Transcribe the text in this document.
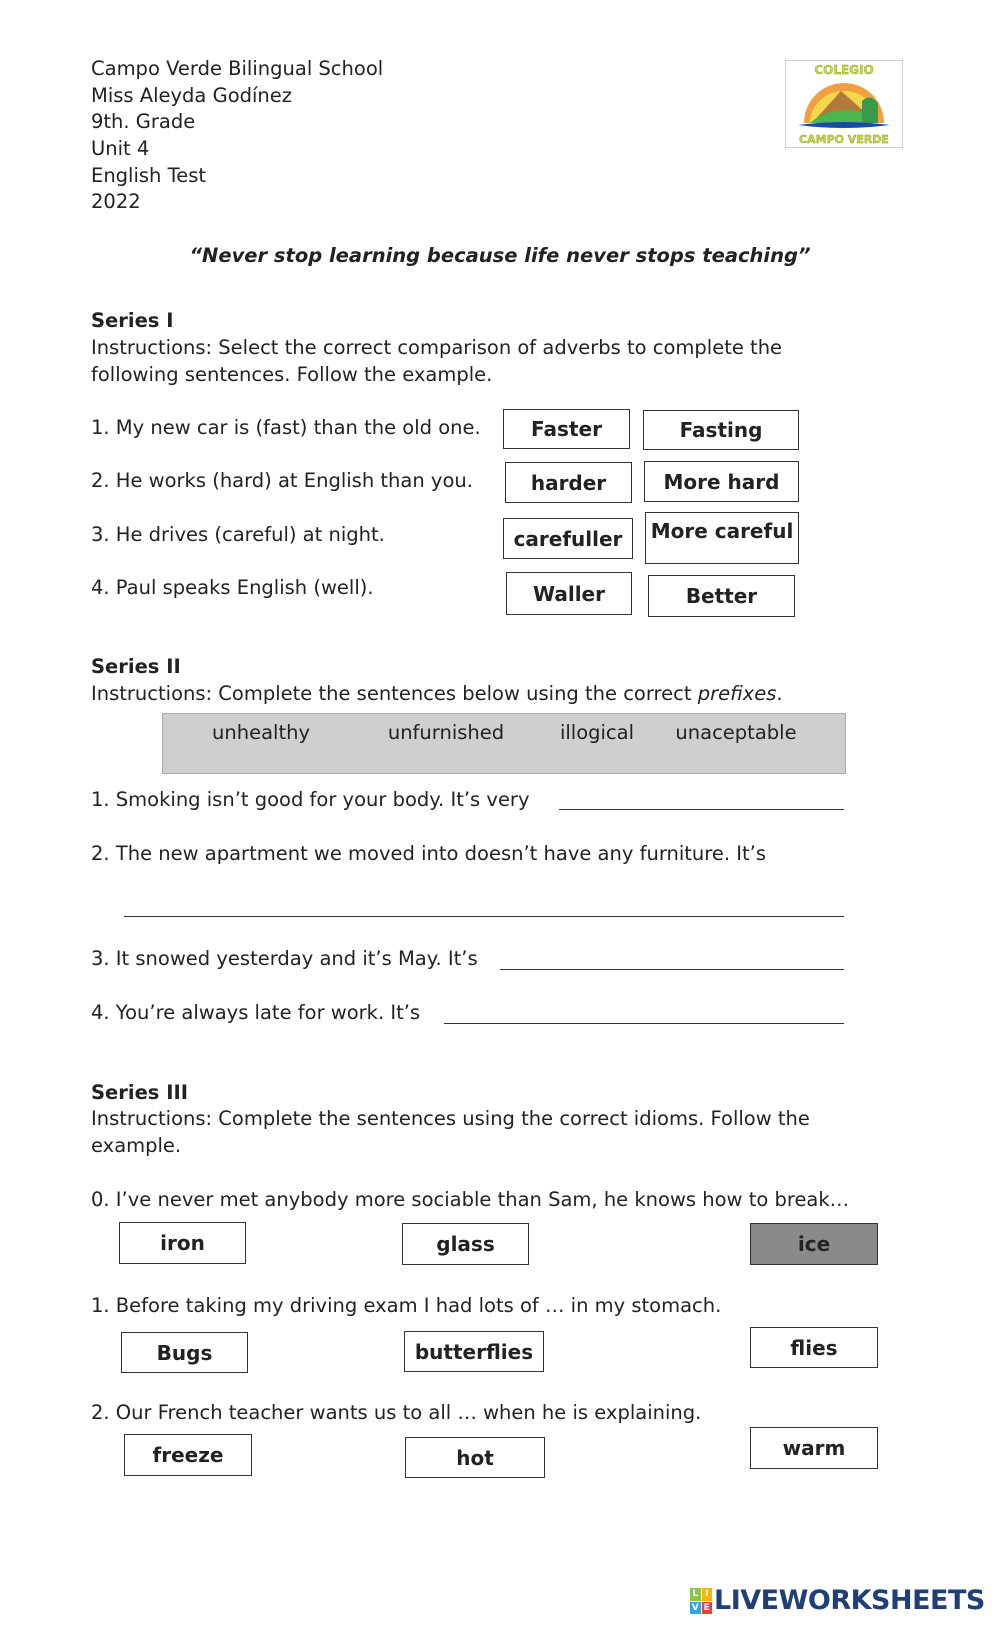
Campo Verde Bilingual School
Miss Aleyda Godínez
9th. Grade
Unit 4
English Test
2022
COLEGIO
CAMPO VERDE
“Never stop learning because life never stops teaching”
Series I
Instructions: Select the correct comparison of adverbs to complete the
following sentences. Follow the example.
1. My new car is (fast) than the old one.	Faster	Fasting
2. He works (hard) at English than you.	harder	More hard
3. He drives (careful) at night.	carefuller	More careful
4. Paul speaks English (well).	Waller	Better
Series II
Instructions: Complete the sentences below using the correct prefixes.
unhealthy	unfurnished	illogical	unaceptable
1. Smoking isn’t good for your body. It’s very
2. The new apartment we moved into doesn’t have any furniture. It’s
3. It snowed yesterday and it’s May. It’s
4. You’re always late for work. It’s
Series III
Instructions: Complete the sentences using the correct idioms. Follow the
example.
0. I’ve never met anybody more sociable than Sam, he knows how to break…
iron	glass	ice
1. Before taking my driving exam I had lots of … in my stomach.
Bugs	butterflies	flies
2. Our French teacher wants us to all … when he is explaining.
freeze	hot	warm
L I
V E LIVEWORKSHEETS
